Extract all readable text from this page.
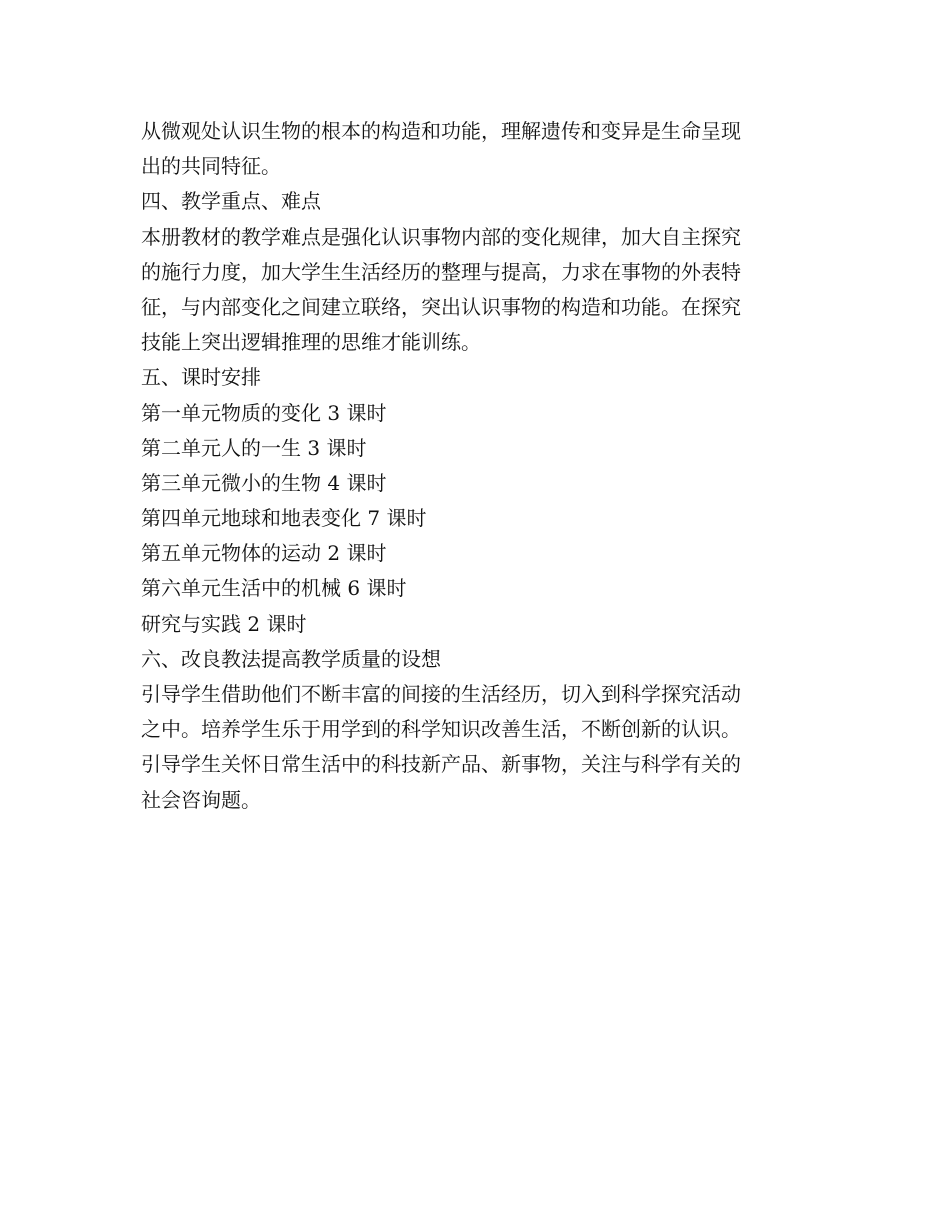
从微观处认识生物的根本的构造和功能，理解遗传和变异是生命呈现
出的共同特征。
四、教学重点、难点
本册教材的教学难点是强化认识事物内部的变化规律，加大自主探究
的施行力度，加大学生生活经历的整理与提高，力求在事物的外表特
征，与内部变化之间建立联络，突出认识事物的构造和功能。在探究
技能上突出逻辑推理的思维才能训练。
五、课时安排
第一单元物质的变化 3 课时
第二单元人的一生 3 课时
第三单元微小的生物 4 课时
第四单元地球和地表变化 7 课时
第五单元物体的运动 2 课时
第六单元生活中的机械 6 课时
研究与实践 2 课时
六、改良教法提高教学质量的设想
引导学生借助他们不断丰富的间接的生活经历，切入到科学探究活动
之中。培养学生乐于用学到的科学知识改善生活，不断创新的认识。
引导学生关怀日常生活中的科技新产品、新事物，关注与科学有关的
社会咨询题。
